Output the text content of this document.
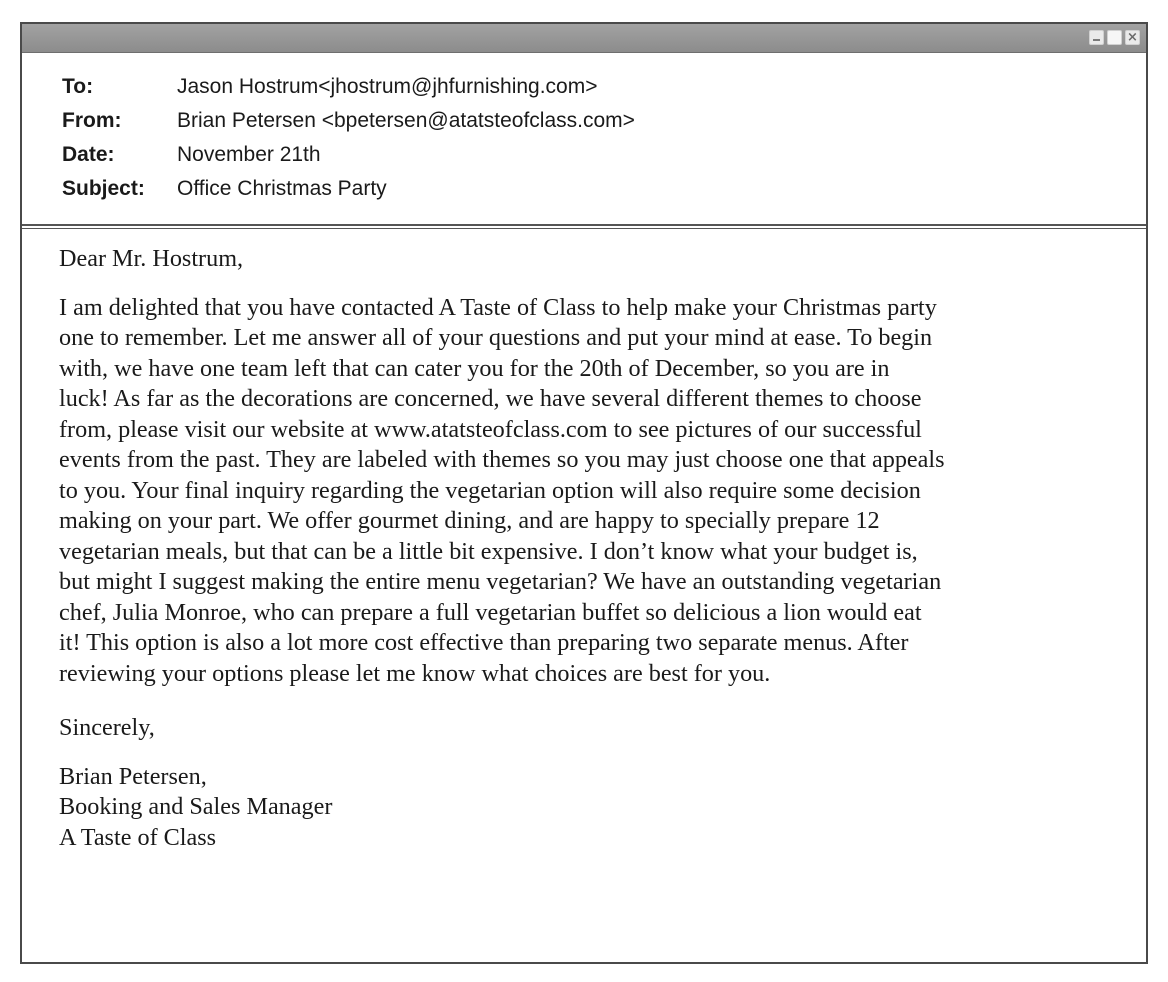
×
To:	Jason Hostrum<jhostrum@jhfurnishing.com>
From:	Brian Petersen <bpetersen@atatsteofclass.com>
Date:	November 21th
Subject:	Office Christmas Party

Dear Mr. Hostrum,

I am delighted that you have contacted A Taste of Class to help make your Christmas party
one to remember. Let me answer all of your questions and put your mind at ease. To begin
with, we have one team left that can cater you for the 20th of December, so you are in
luck! As far as the decorations are concerned, we have several different themes to choose
from, please visit our website at www.atatsteofclass.com to see pictures of our successful
events from the past. They are labeled with themes so you may just choose one that appeals
to you. Your final inquiry regarding the vegetarian option will also require some decision
making on your part. We offer gourmet dining, and are happy to specially prepare 12
vegetarian meals, but that can be a little bit expensive. I don’t know what your budget is,
but might I suggest making the entire menu vegetarian? We have an outstanding vegetarian
chef, Julia Monroe, who can prepare a full vegetarian buffet so delicious a lion would eat
it! This option is also a lot more cost effective than preparing two separate menus. After
reviewing your options please let me know what choices are best for you.

Sincerely,

Brian Petersen,
Booking and Sales Manager
A Taste of Class
